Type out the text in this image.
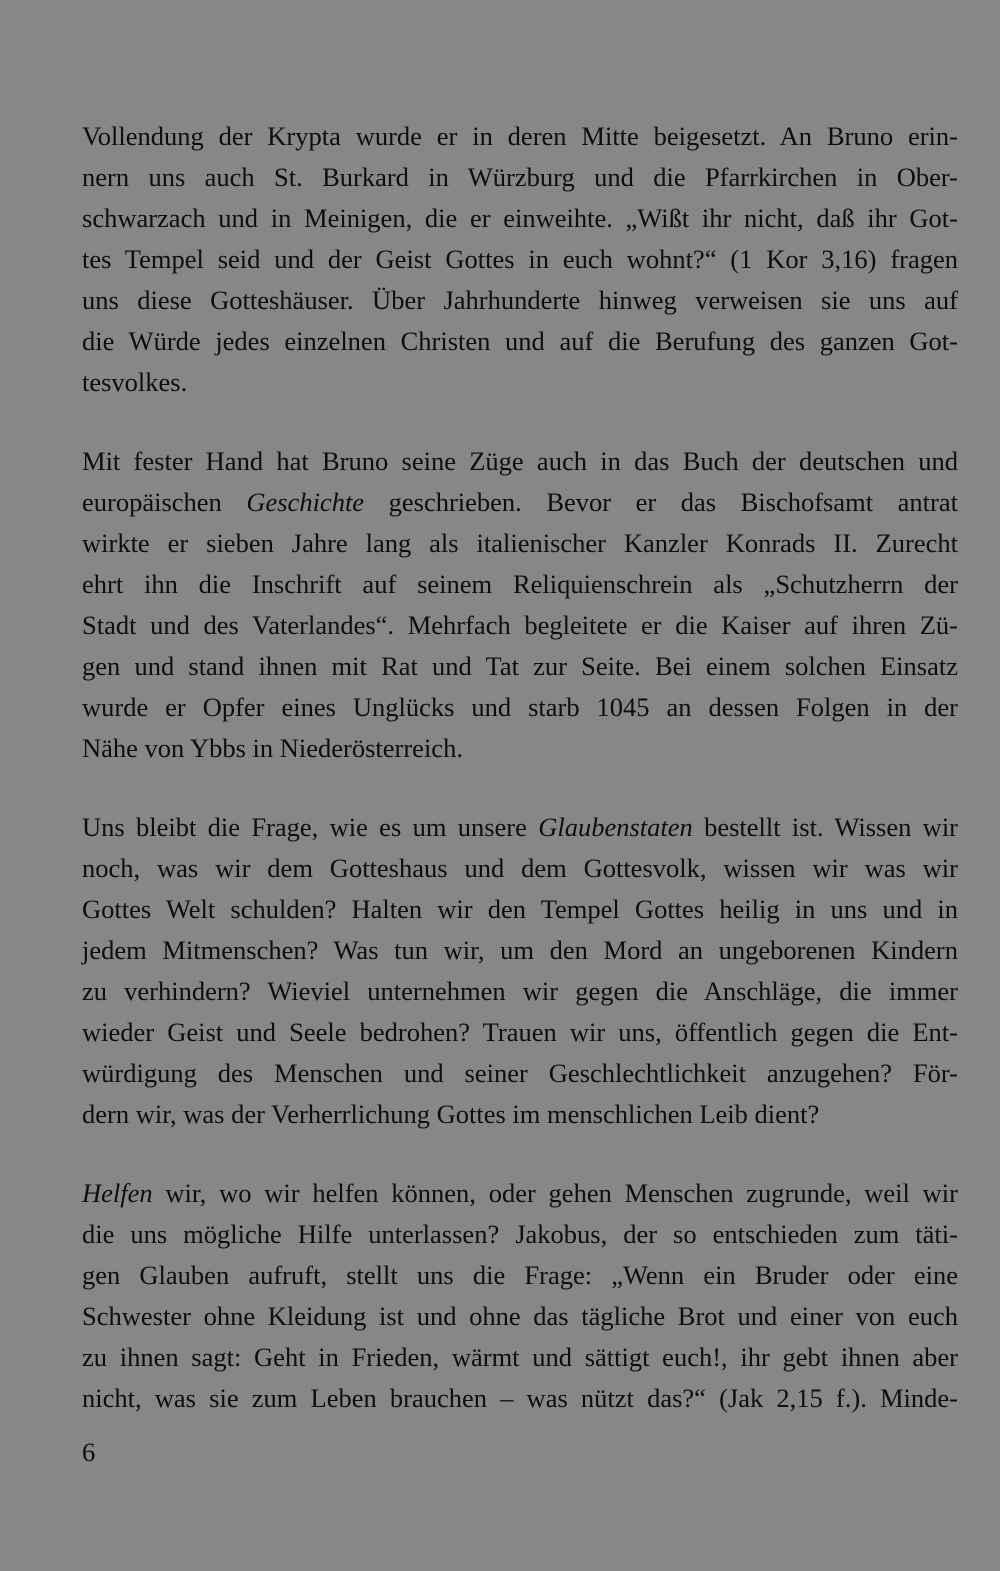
Vollendung der Krypta wurde er in deren Mitte beigesetzt. An Bruno erin-
nern uns auch St. Burkard in Würzburg und die Pfarrkirchen in Ober-
schwarzach und in Meinigen, die er einweihte. „Wißt ihr nicht, daß ihr Got-
tes Tempel seid und der Geist Gottes in euch wohnt?“ (1 Kor 3,16) fragen
uns diese Gotteshäuser. Über Jahrhunderte hinweg verweisen sie uns auf
die Würde jedes einzelnen Christen und auf die Berufung des ganzen Got-
tesvolkes.
Mit fester Hand hat Bruno seine Züge auch in das Buch der deutschen und
europäischen Geschichte geschrieben. Bevor er das Bischofsamt antrat
wirkte er sieben Jahre lang als italienischer Kanzler Konrads II. Zurecht
ehrt ihn die Inschrift auf seinem Reliquienschrein als „Schutzherrn der
Stadt und des Vaterlandes“. Mehrfach begleitete er die Kaiser auf ihren Zü-
gen und stand ihnen mit Rat und Tat zur Seite. Bei einem solchen Einsatz
wurde er Opfer eines Unglücks und starb 1045 an dessen Folgen in der
Nähe von Ybbs in Niederösterreich.
Uns bleibt die Frage, wie es um unsere Glaubenstaten bestellt ist. Wissen wir
noch, was wir dem Gotteshaus und dem Gottesvolk, wissen wir was wir
Gottes Welt schulden? Halten wir den Tempel Gottes heilig in uns und in
jedem Mitmenschen? Was tun wir, um den Mord an ungeborenen Kindern
zu verhindern? Wieviel unternehmen wir gegen die Anschläge, die immer
wieder Geist und Seele bedrohen? Trauen wir uns, öffentlich gegen die Ent-
würdigung des Menschen und seiner Geschlechtlichkeit anzugehen? För-
dern wir, was der Verherrlichung Gottes im menschlichen Leib dient?
Helfen wir, wo wir helfen können, oder gehen Menschen zugrunde, weil wir
die uns mögliche Hilfe unterlassen? Jakobus, der so entschieden zum täti-
gen Glauben aufruft, stellt uns die Frage: „Wenn ein Bruder oder eine
Schwester ohne Kleidung ist und ohne das tägliche Brot und einer von euch
zu ihnen sagt: Geht in Frieden, wärmt und sättigt euch!, ihr gebt ihnen aber
nicht, was sie zum Leben brauchen – was nützt das?“ (Jak 2,15 f.). Minde-
6
